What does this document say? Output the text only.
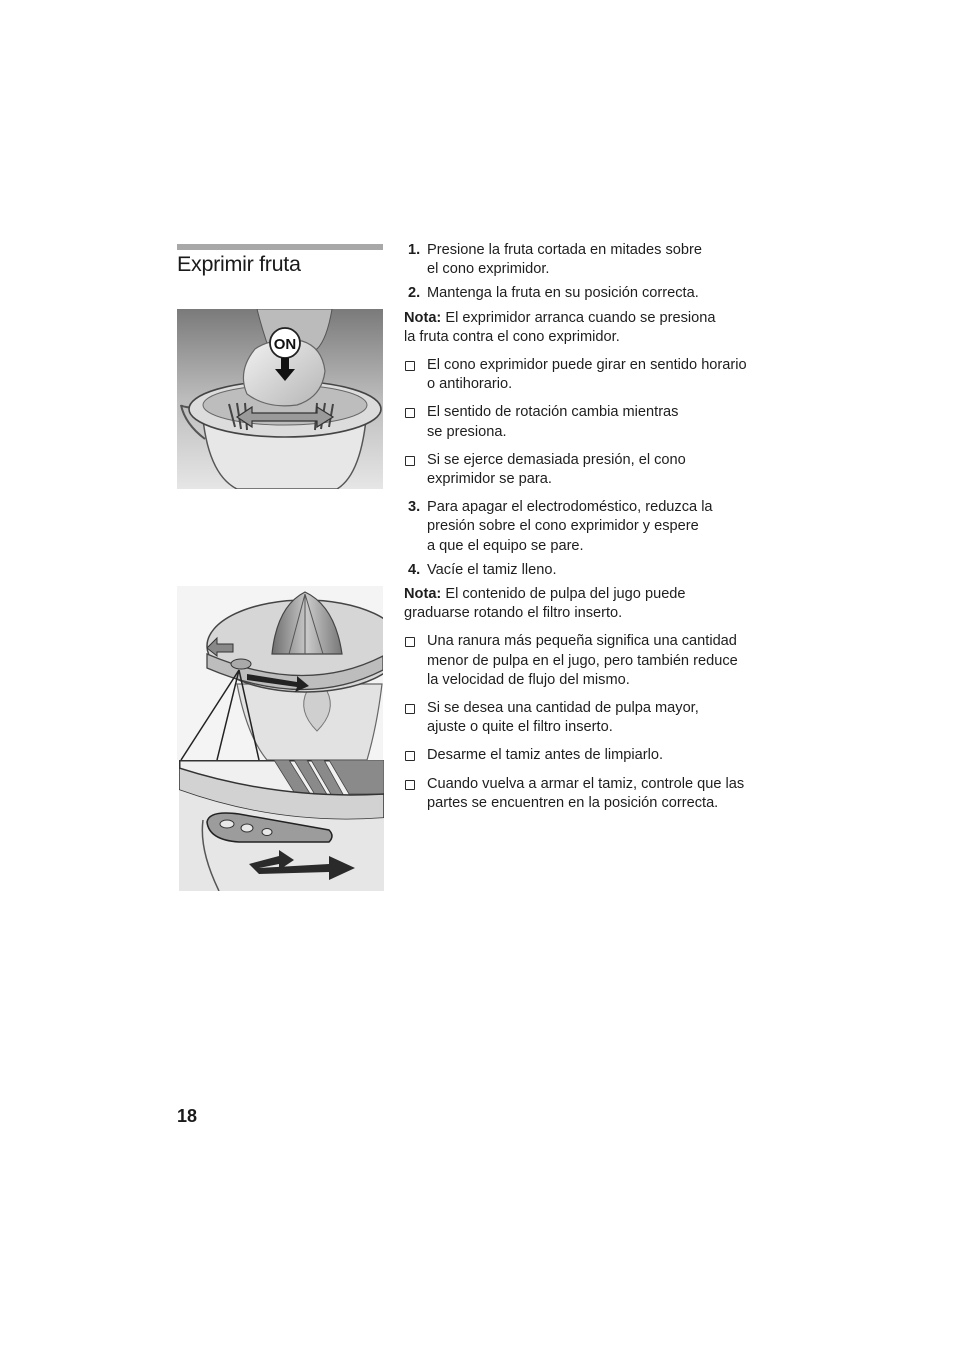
Exprimir fruta
ON
1. Presione la fruta cortada en mitades sobre
el cono exprimidor.
2. Mantenga la fruta en su posición correcta.
Nota: El exprimidor arranca cuando se presiona
la fruta contra el cono exprimidor.
El cono exprimidor puede girar en sentido horario
o antihorario.
El sentido de rotación cambia mientras
se presiona.
Si se ejerce demasiada presión, el cono
exprimidor se para.
3. Para apagar el electrodoméstico, reduzca la
presión sobre el cono exprimidor y espere
a que el equipo se pare.
4. Vacíe el tamiz lleno.
Nota: El contenido de pulpa del jugo puede
graduarse rotando el filtro inserto.
Una ranura más pequeña significa una cantidad
menor de pulpa en el jugo, pero también reduce
la velocidad de flujo del mismo.
Si se desea una cantidad de pulpa mayor,
ajuste o quite el filtro inserto.
Desarme el tamiz antes de limpiarlo.
Cuando vuelva a armar el tamiz, controle que las
partes se encuentren en la posición correcta.
18
